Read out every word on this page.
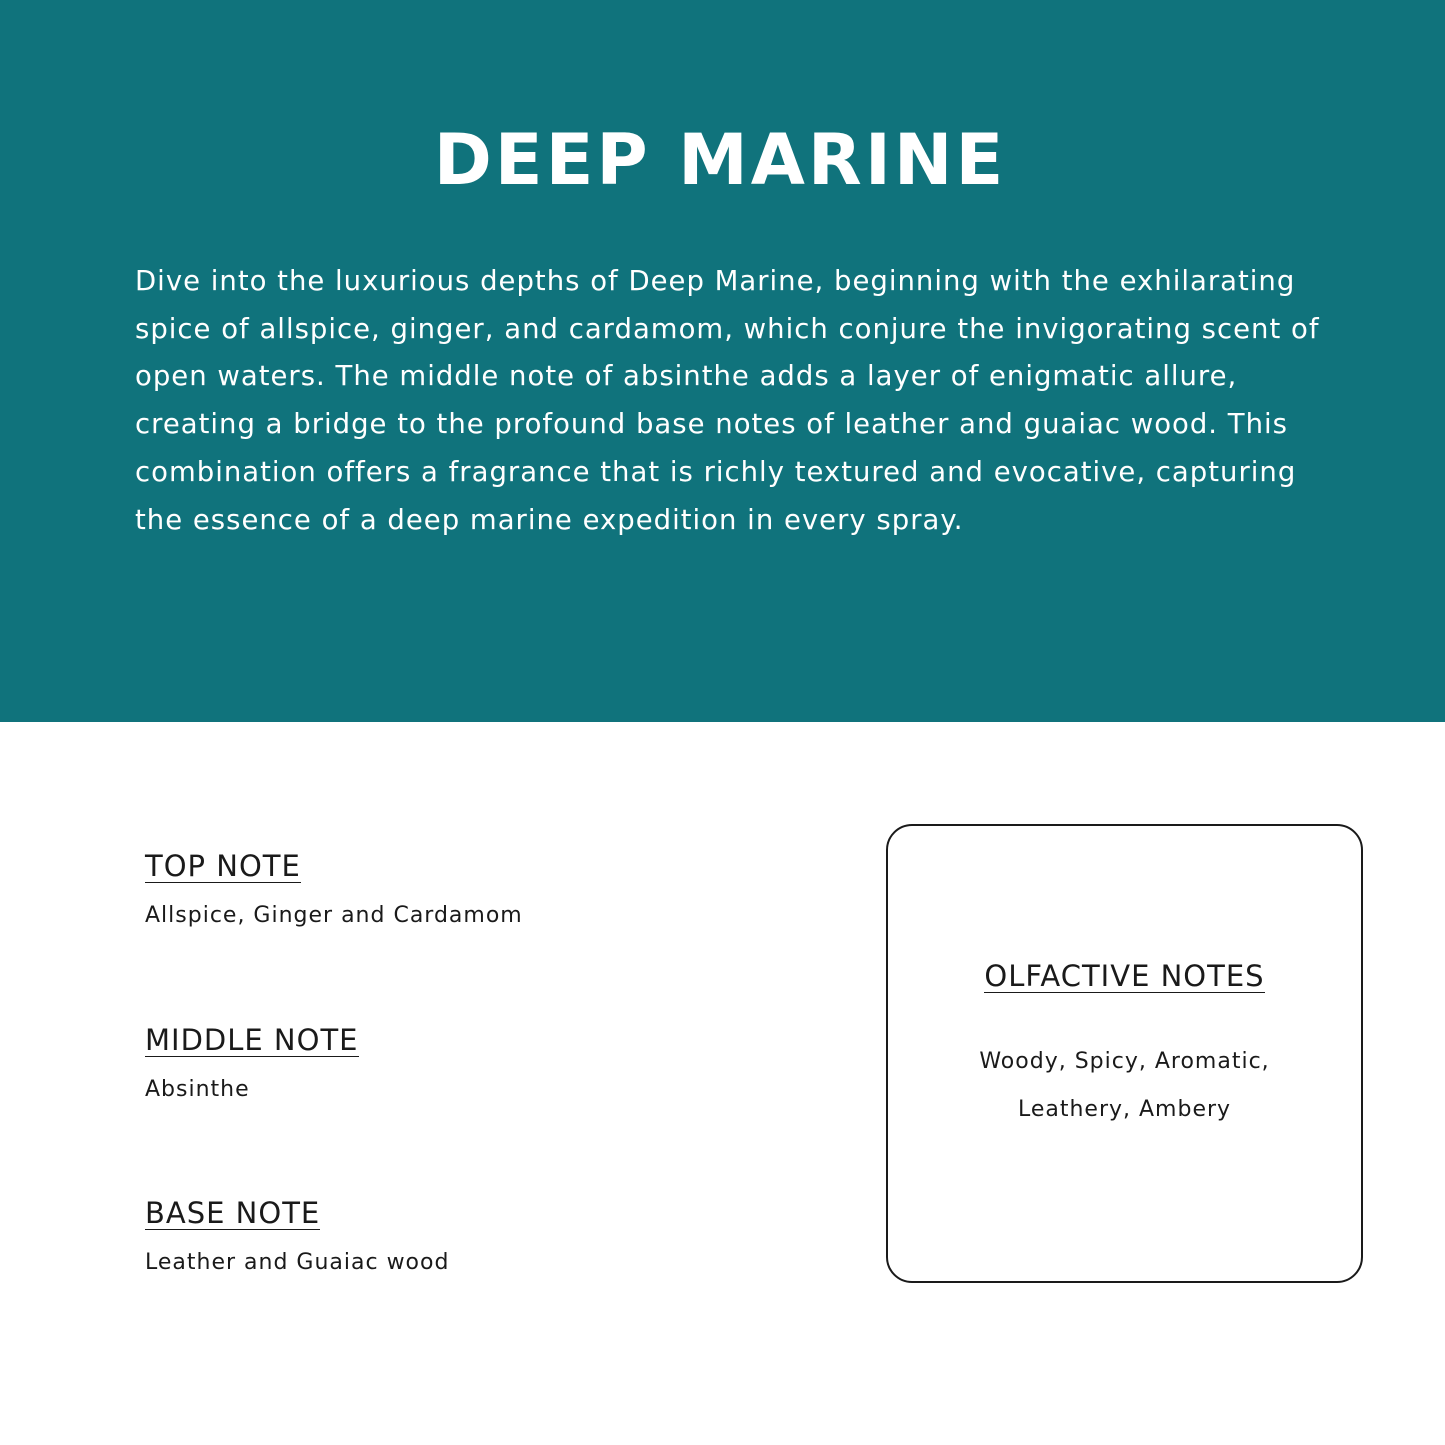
DEEP MARINE

Dive into the luxurious depths of Deep Marine, beginning with the exhilarating spice of allspice, ginger, and cardamom, which conjure the invigorating scent of open waters. The middle note of absinthe adds a layer of enigmatic allure, creating a bridge to the profound base notes of leather and guaiac wood. This combination offers a fragrance that is richly textured and evocative, capturing the essence of a deep marine expedition in every spray.

TOP NOTE
Allspice, Ginger and Cardamom
MIDDLE NOTE
Absinthe
BASE NOTE
Leather and Guaiac wood
OLFACTIVE NOTES
Woody, Spicy, Aromatic, Leathery, Ambery
